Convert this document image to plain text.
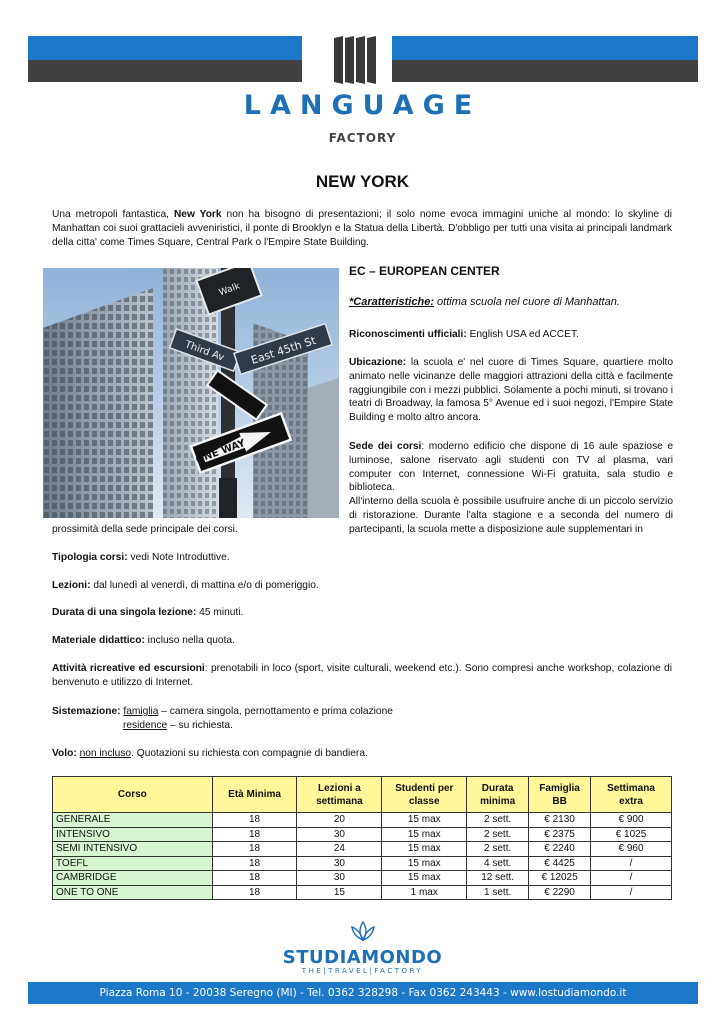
LANGUAGE
FACTORY
NEW YORK
Una metropoli fantastica, New York non ha bisogno di presentazioni; il solo nome evoca immagini uniche al mondo: lo skyline di Manhattan coi suoi grattacieli avveniristici, il ponte di Brooklyn e la Statua della Libertà. D'obbligo per tutti una visita ai principali landmark della citta' come Times Square, Central Park o l'Empire State Building.
Walk
Third Av East 45th St
ONE WAY
EC – EUROPEAN CENTER
*Caratteristiche: ottima scuola nel cuore di Manhattan.
Riconoscimenti ufficiali: English USA ed ACCET.
Ubicazione: la scuola e' nel cuore di Times Square, quartiere molto animato nelle vicinanze delle maggiori attrazioni della città e facilmente raggiungibile con i mezzi pubblici. Solamente a pochi minuti, si trovano i teatri di Broadway, la famosa 5° Avenue ed i suoi negozi, l'Empire State Building e molto altro ancora.
Sede dei corsi: moderno edificio che dispone di 16 aule spaziose e luminose, salone riservato agli studenti con TV al plasma, vari computer con Internet, connessione Wi-Fi gratuita, sala studio e biblioteca.
All'interno della scuola è possibile usufruire anche di un piccolo servizio di ristorazione. Durante l'alta stagione e a seconda del numero di partecipanti, la scuola mette a disposizione aule supplementari in
prossimità della sede principale dei corsi.
Tipologia corsi: vedi Note Introduttive.
Lezioni: dal lunedì al venerdì, di mattina e/o di pomeriggio.
Durata di una singola lezione: 45 minuti.
Materiale didattico: incluso nella quota.
Attività ricreative ed escursioni: prenotabili in loco (sport, visite culturali, weekend etc.). Sono compresi anche workshop, colazione di benvenuto e utilizzo di Internet.
Sistemazione: famiglia – camera singola, pernottamento e prima colazione
residence – su richiesta.
Volo: non incluso. Quotazioni su richiesta con compagnie di bandiera.
Corso	Età Minima	Lezioni a settimana	Studenti per classe	Durata minima	Famiglia BB	Settimana extra
GENERALE	18	20	15 max	2 sett.	€ 2130	€ 900
INTENSIVO	18	30	15 max	2 sett.	€ 2375	€ 1025
SEMI INTENSIVO	18	24	15 max	2 sett.	€ 2240	€ 960
TOEFL	18	30	15 max	4 sett.	€ 4425	/
CAMBRIDGE	18	30	15 max	12 sett.	€ 12025	/
ONE TO ONE	18	15	1 max	1 sett.	€ 2290	/
STUDIAMONDO
THE|TRAVEL|FACTORY
Piazza Roma 10 - 20038 Seregno (MI) - Tel. 0362 328298 - Fax 0362 243443 - www.lostudiamondo.it
